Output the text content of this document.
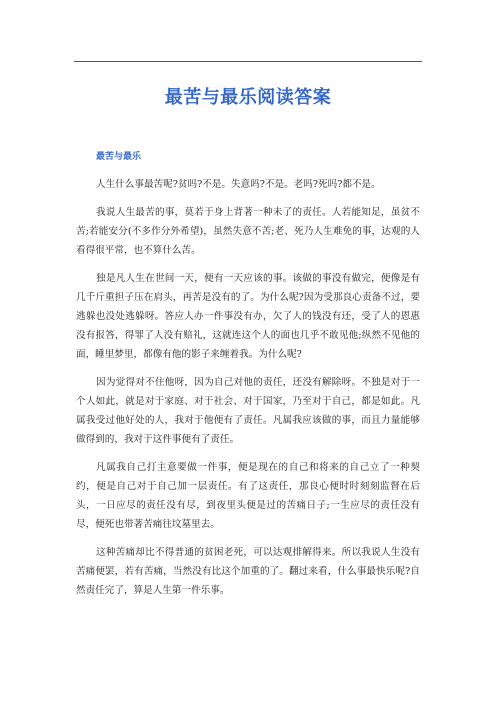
最苦与最乐阅读答案
最苦与最乐

人生什么事最苦呢?贫吗?不是。失意吗?不是。老吗?死吗?都不是。

我说人生最苦的事，莫若于身上背著一种未了的责任。人若能知足，虽贫不苦;若能安分(不多作分外希望)，虽然失意不苦;老、死乃人生难免的事，达观的人看得很平常，也不算什么苦。

独是凡人生在世间一天，便有一天应该的事。该做的事没有做完，便像是有几千斤重担子压在肩头，再苦是没有的了。为什么呢?因为受那良心责备不过，要逃躲也没处逃躲呀。答应人办一件事没有办，欠了人的钱没有还，受了人的恩惠没有报答，得罪了人没有赔礼，这就连这个人的面也几乎不敢见他;纵然不见他的面，睡里梦里，都像有他的影子来缠着我。为什么呢?

因为觉得对不住他呀，因为自己对他的责任，还没有解除呀。不独是对于一个人如此，就是对于家庭、对于社会、对于国家，乃至对于自己，都是如此。凡属我受过他好处的人，我对于他便有了责任。凡属我应该做的事，而且力量能够做得到的，我对于这件事便有了责任。

凡属我自己打主意要做一件事，便是现在的自己和将来的自己立了一种契约，便是自己对于自己加一层责任。有了这责任，那良心便时时刻刻监督在后头，一日应尽的责任没有尽，到夜里头便是过的苦痛日子;一生应尽的责任没有尽，便死也带著苦痛往坟墓里去。

这种苦痛却比不得普通的贫困老死，可以达观排解得来。所以我说人生没有苦痛便罢，若有苦痛，当然没有比这个加重的了。翻过来看，什么事最快乐呢?自然责任完了，算是人生第一件乐事。
